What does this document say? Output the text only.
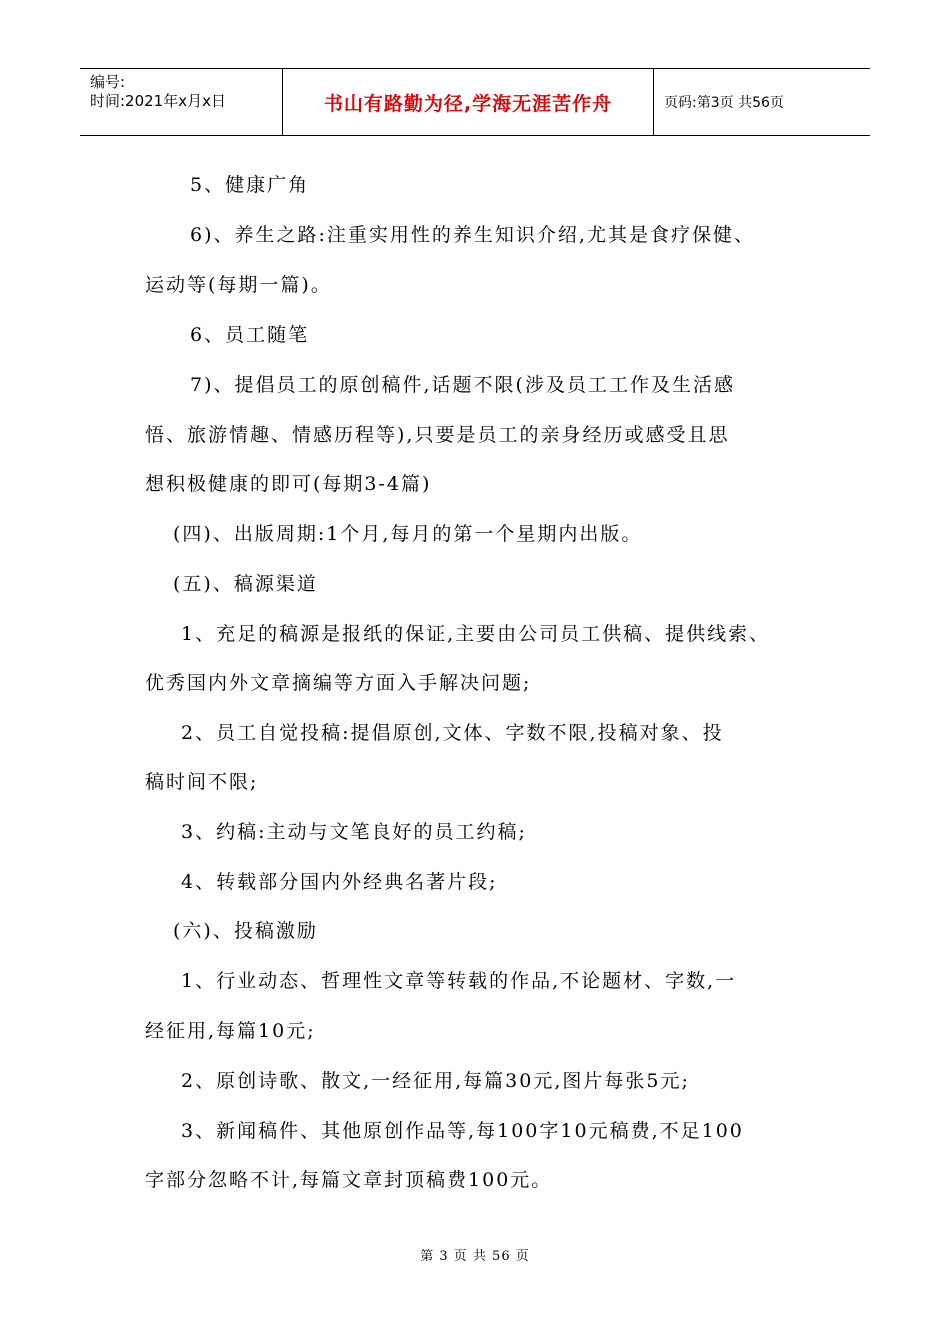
编号:
时间:2021年x月x日	书山有路勤为径,学海无涯苦作舟	页码:第3页 共56页
5、健康广角
6)、养生之路:注重实用性的养生知识介绍,尤其是食疗保健、
运动等(每期一篇)。
6、员工随笔
7)、提倡员工的原创稿件,话题不限(涉及员工工作及生活感
悟、旅游情趣、情感历程等),只要是员工的亲身经历或感受且思
想积极健康的即可(每期3-4篇)
(四)、出版周期:1个月,每月的第一个星期内出版。
(五)、稿源渠道
1、充足的稿源是报纸的保证,主要由公司员工供稿、提供线索、
优秀国内外文章摘编等方面入手解决问题;
2、员工自觉投稿:提倡原创,文体、字数不限,投稿对象、投
稿时间不限;
3、约稿:主动与文笔良好的员工约稿;
4、转载部分国内外经典名著片段;
(六)、投稿激励
1、行业动态、哲理性文章等转载的作品,不论题材、字数,一
经征用,每篇10元;
2、原创诗歌、散文,一经征用,每篇30元,图片每张5元;
3、新闻稿件、其他原创作品等,每100字10元稿费,不足100
字部分忽略不计,每篇文章封顶稿费100元。
第 3 页 共 56 页
